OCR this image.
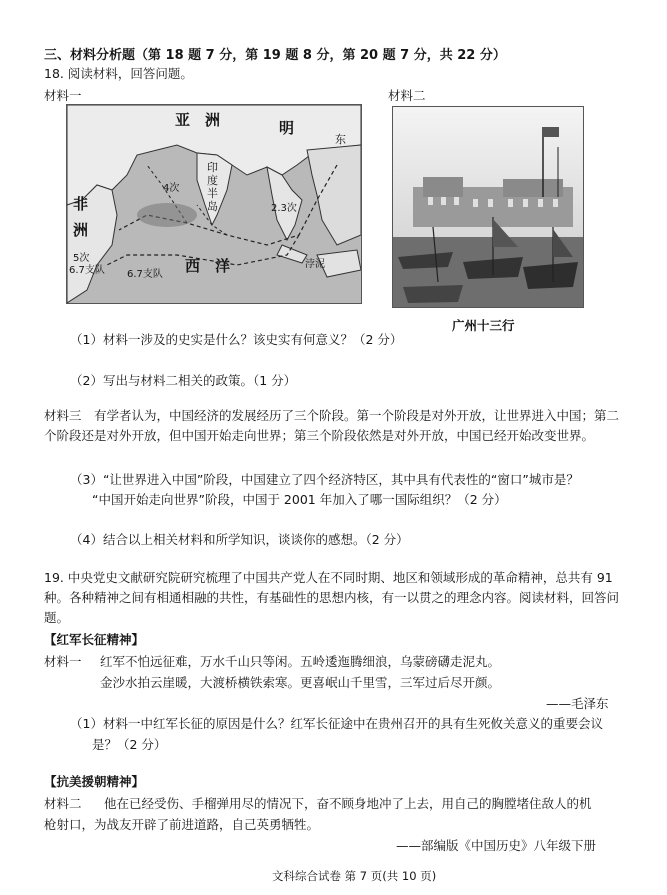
三、材料分析题（第 18 题 7 分，第 19 题 8 分，第 20 题 7 分，共 22 分）
18. 阅读材料，回答问题。
材料一	材料二
亚　洲	明
东
印
度
半
岛
非
洲
西　洋
5次
6.7支队
2.3次
4次
6.7支队
浡泥
广州十三行
（1）材料一涉及的史实是什么？该史实有何意义？（2 分）
（2）写出与材料二相关的政策。（1 分）
材料三　有学者认为，中国经济的发展经历了三个阶段。第一个阶段是对外开放，让世界进入中国；第二个阶段还是对外开放，但中国开始走向世界；第三个阶段依然是对外开放，中国已经开始改变世界。
（3）“让世界进入中国”阶段，中国建立了四个经济特区，其中具有代表性的“窗口”城市是？
“中国开始走向世界”阶段，中国于 2001 年加入了哪一国际组织？（2 分）
（4）结合以上相关材料和所学知识，谈谈你的感想。（2 分）
19. 中央党史文献研究院研究梳理了中国共产党人在不同时期、地区和领域形成的革命精神，总共有 91 种。各种精神之间有相通相融的共性，有基础性的思想内核，有一以贯之的理念内容。阅读材料，回答问题。
【红军长征精神】
材料一 红军不怕远征难，万水千山只等闲。五岭逶迤腾细浪，乌蒙磅礴走泥丸。
金沙水拍云崖暖，大渡桥横铁索寒。更喜岷山千里雪，三军过后尽开颜。
——毛泽东
（1）材料一中红军长征的原因是什么？红军长征途中在贵州召开的具有生死攸关意义的重要会议
是？（2 分）
【抗美援朝精神】
材料二 他在已经受伤、手榴弹用尽的情况下，奋不顾身地冲了上去，用自己的胸膛堵住敌人的机
枪射口，为战友开辟了前进道路，自己英勇牺牲。
——部编版《中国历史》八年级下册
文科综合试卷 第 7 页(共 10 页)
